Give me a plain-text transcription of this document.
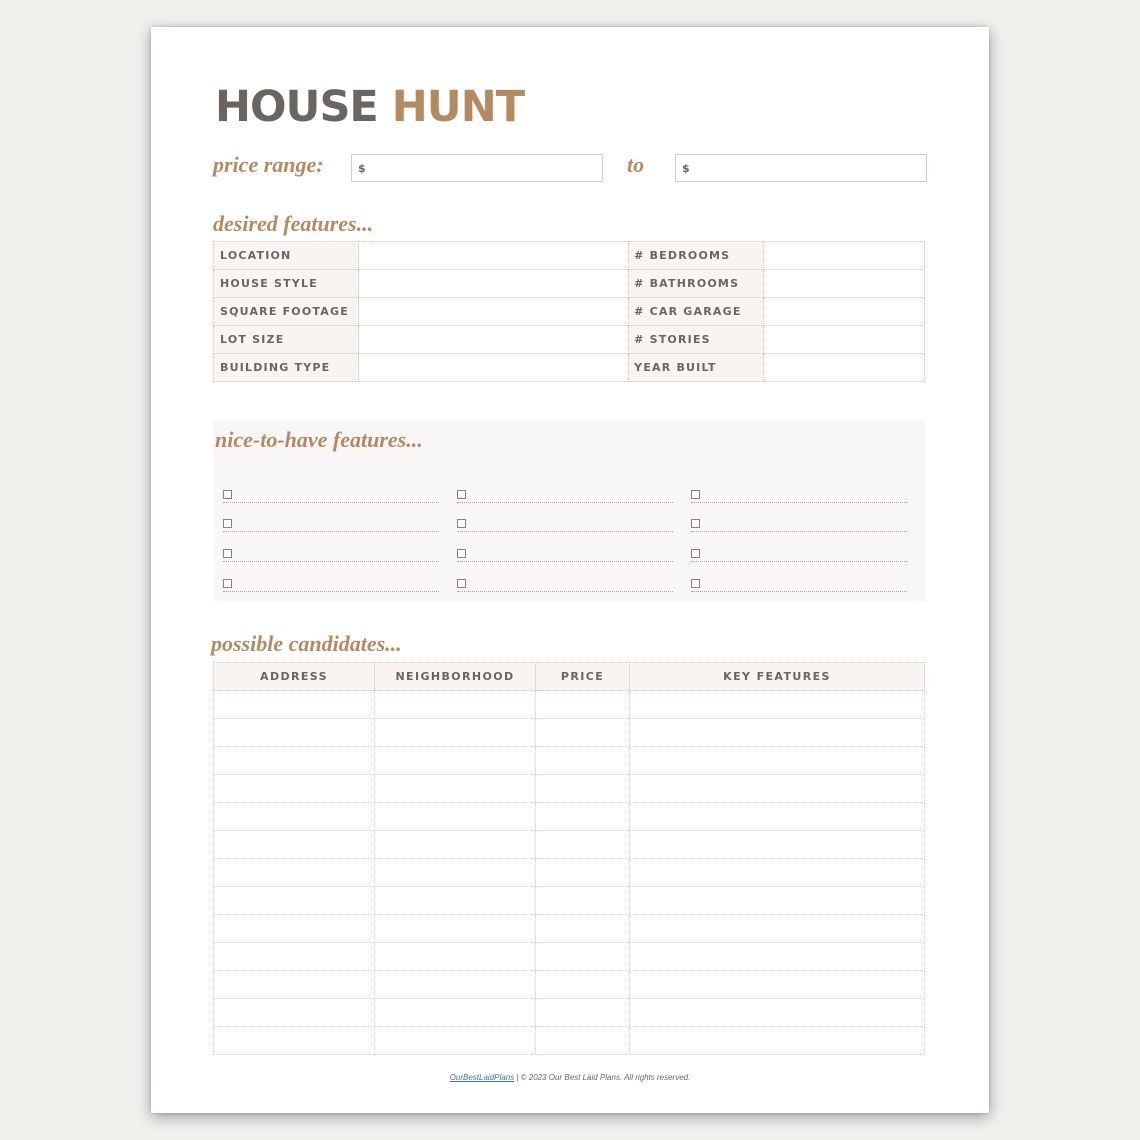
HOUSE HUNT
price range:	$	to	$
desired features...
LOCATION		# BEDROOMS	
HOUSE STYLE		# BATHROOMS	
SQUARE FOOTAGE		# CAR GARAGE	
LOT SIZE		# STORIES	
BUILDING TYPE		YEAR BUILT	
nice-to-have features...
possible candidates...
ADDRESS	NEIGHBORHOOD	PRICE	KEY FEATURES

OurBestLaidPlans | © 2023 Our Best Laid Plans. All rights reserved.
